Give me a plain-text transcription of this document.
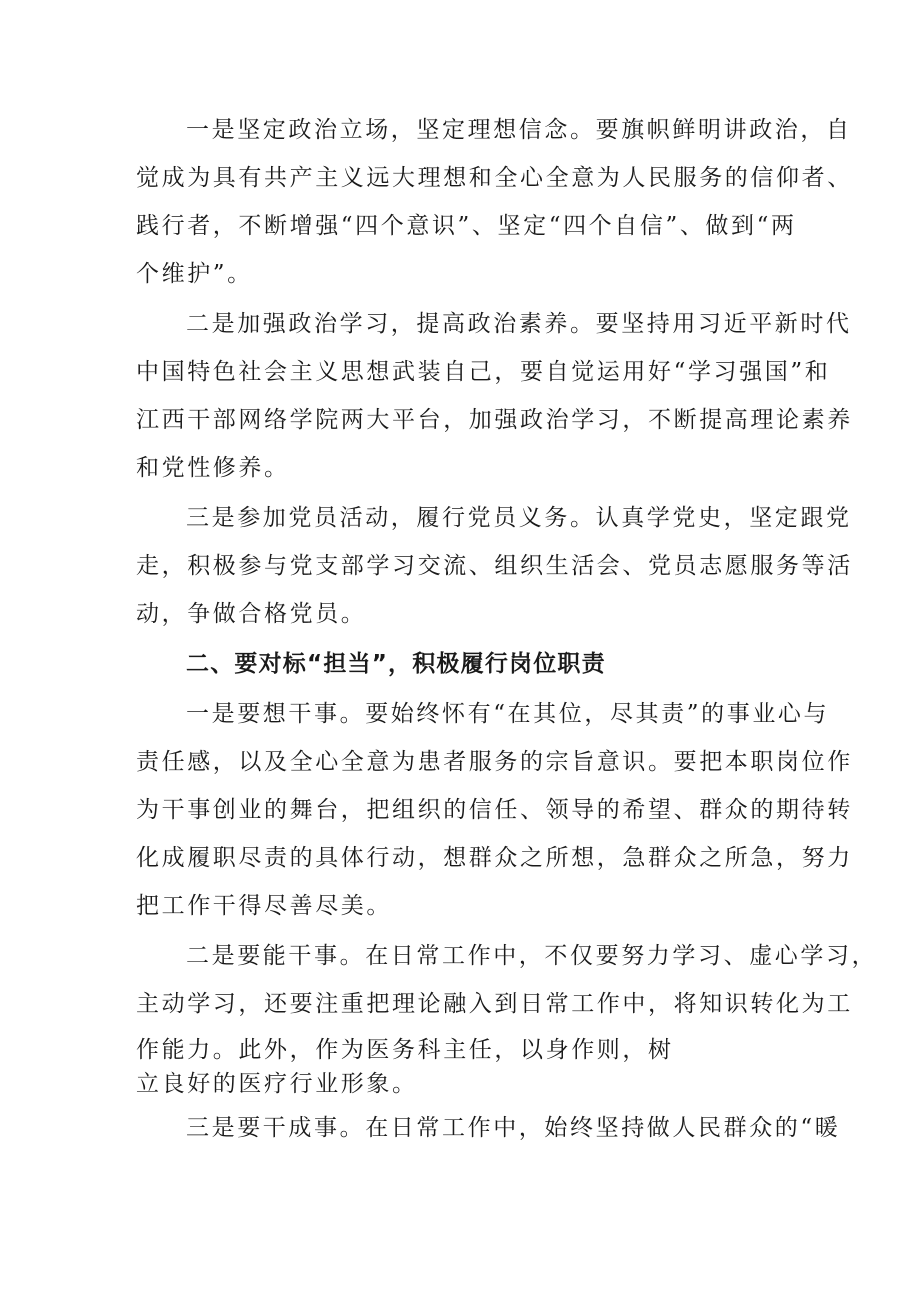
一是坚定政治立场，坚定理想信念。要旗帜鲜明讲政治，自

觉成为具有共产主义远大理想和全心全意为人民服务的信仰者、

践行者，不断增强“四个意识”、坚定“四个自信”、做到“两

个维护”。

二是加强政治学习，提高政治素养。要坚持用习近平新时代

中国特色社会主义思想武装自己，要自觉运用好“学习强国”和

江西干部网络学院两大平台，加强政治学习，不断提高理论素养

和党性修养。

三是参加党员活动，履行党员义务。认真学党史，坚定跟党

走，积极参与党支部学习交流、组织生活会、党员志愿服务等活

动，争做合格党员。

二、要对标“担当”，积极履行岗位职责

一是要想干事。要始终怀有“在其位，尽其责”的事业心与

责任感，以及全心全意为患者服务的宗旨意识。要把本职岗位作

为干事创业的舞台，把组织的信任、领导的希望、群众的期待转

化成履职尽责的具体行动，想群众之所想，急群众之所急，努力

把工作干得尽善尽美。

二是要能干事。在日常工作中，不仅要努力学习、虚心学习，

主动学习，还要注重把理论融入到日常工作中，将知识转化为工

作能力。此外，作为医务科主任，以身作则，树

立良好的医疗行业形象。

三是要干成事。在日常工作中，始终坚持做人民群众的“暖
